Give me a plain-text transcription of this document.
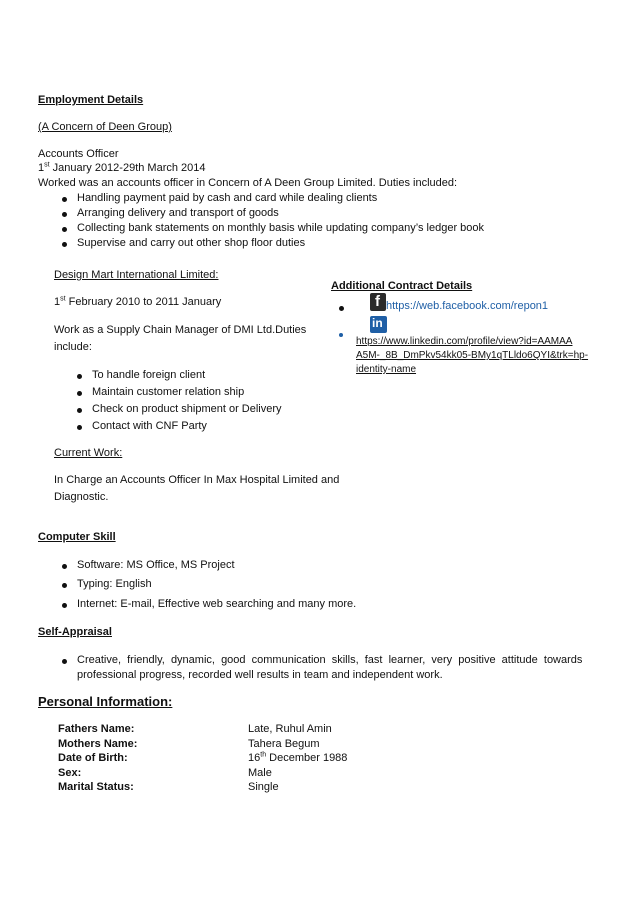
Employment Details
(A Concern of Deen Group)
Accounts Officer
1st January 2012-29th March 2014
Worked was an accounts officer in Concern of A Deen Group Limited. Duties included:
Handling payment paid by cash and card while dealing clients
Arranging delivery and transport of goods
Collecting bank statements on monthly basis while updating company’s ledger book
Supervise and carry out other shop floor duties
Design Mart International Limited:
1st February 2010 to 2011 January
Work as a Supply Chain Manager of DMI Ltd.Duties
include:
To handle foreign client
Maintain customer relation ship
Check on product shipment or Delivery
Contact with CNF Party
Current Work:
In Charge an Accounts Officer In Max Hospital Limited and
Diagnostic.
Additional Contract Details
f https://web.facebook.com/repon1
in
https://www.linkedin.com/profile/view?id=AAMAA
A5M-_8B_DmPkv54kk05-BMy1qTLldo6QYI&trk=hp-
identity-name
Computer Skill
Software: MS Office, MS Project
Typing: English
Internet: E-mail, Effective web searching and many more.
Self-Appraisal
Creative,  friendly,  dynamic,  good  communication  skills,  fast  learner,  very  positive  attitude  towards
professional progress, recorded well results in team and independent work.
Personal Information:
Fathers Name:	Late, Ruhul Amin
Mothers Name:	Tahera Begum
Date of Birth:	16th December 1988
Sex:	Male
Marital Status:	Single
